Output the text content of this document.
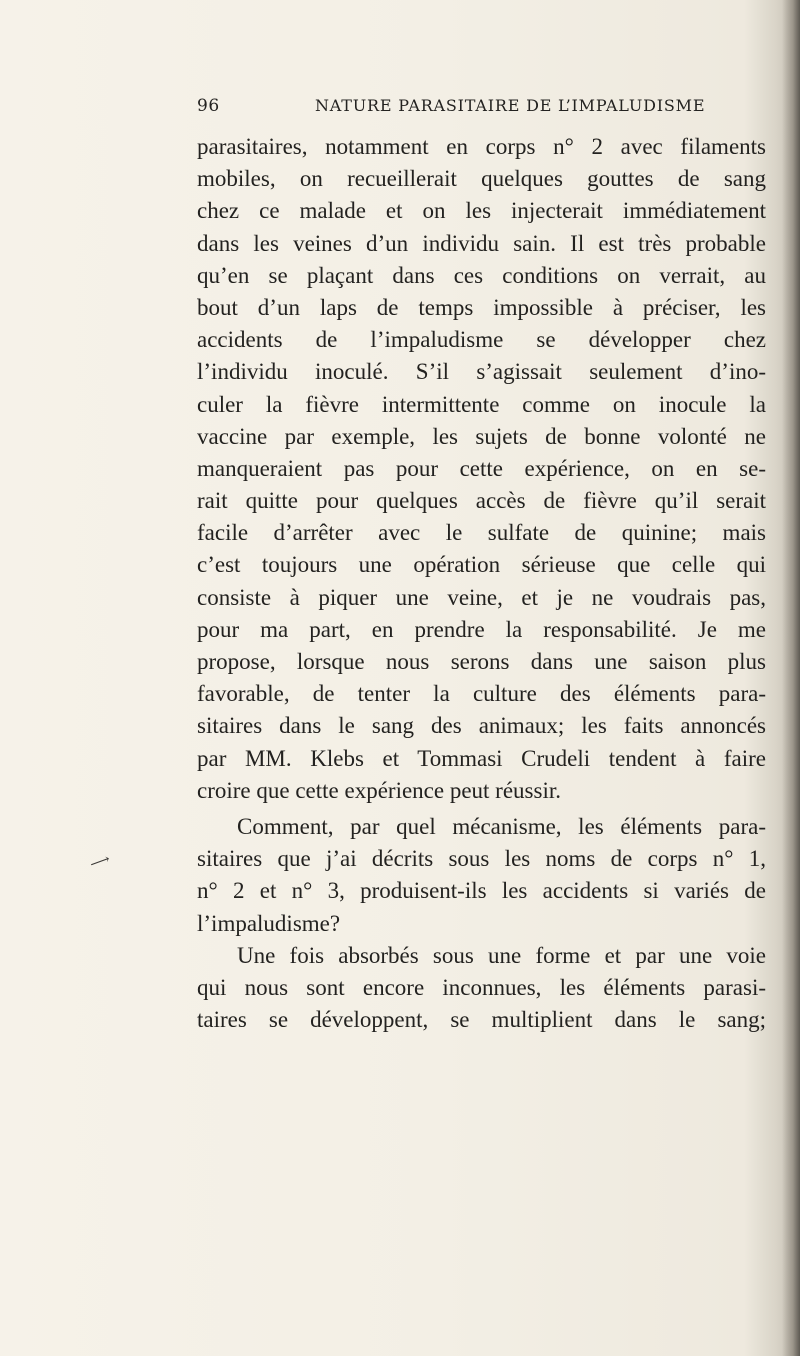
96	NATURE PARASITAIRE DE L’IMPALUDISME
parasitaires, notamment en corps n° 2 avec filaments
mobiles, on recueillerait quelques gouttes de sang
chez ce malade et on les injecterait immédiatement
dans les veines d’un individu sain. Il est très probable
qu’en se plaçant dans ces conditions on verrait, au
bout d’un laps de temps impossible à préciser, les
accidents de l’impaludisme se développer chez
l’individu inoculé. S’il s’agissait seulement d’ino-
culer la fièvre intermittente comme on inocule la
vaccine par exemple, les sujets de bonne volonté ne
manqueraient pas pour cette expérience, on en se-
rait quitte pour quelques accès de fièvre qu’il serait
facile d’arrêter avec le sulfate de quinine; mais
c’est toujours une opération sérieuse que celle qui
consiste à piquer une veine, et je ne voudrais pas,
pour ma part, en prendre la responsabilité. Je me
propose, lorsque nous serons dans une saison plus
favorable, de tenter la culture des éléments para-
sitaires dans le sang des animaux; les faits annoncés
par MM. Klebs et Tommasi Crudeli tendent à faire
croire que cette expérience peut réussir.
⟶
Comment, par quel mécanisme, les éléments para-
sitaires que j’ai décrits sous les noms de corps n° 1,
n° 2 et n° 3, produisent-ils les accidents si variés de
l’impaludisme?
Une fois absorbés sous une forme et par une voie
qui nous sont encore inconnues, les éléments parasi-
taires se développent, se multiplient dans le sang;
